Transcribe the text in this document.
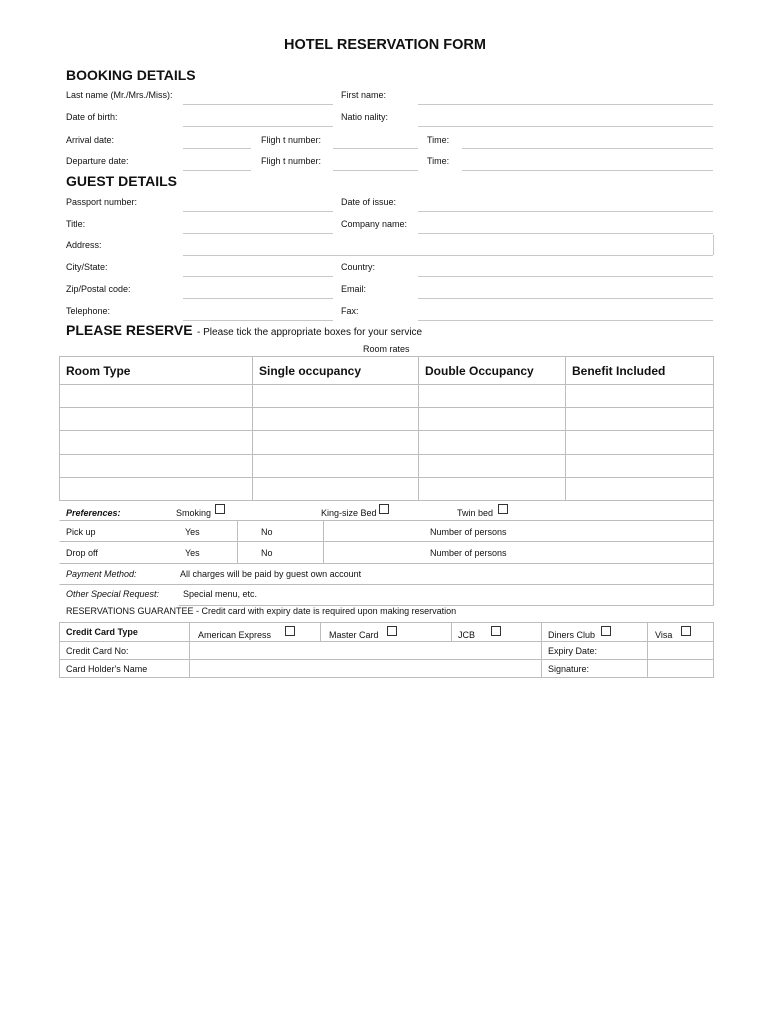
HOTEL RESERVATION FORM
BOOKING DETAILS
Last name (Mr./Mrs./Miss):	First name:
Date of birth:	Natio nality:
Arrival date:	Fligh t number:	Time:
Departure date:	Fligh t number:	Time:
GUEST DETAILS
Passport number:	Date of issue:
Title:	Company name:
Address:
City/State:	Country:
Zip/Postal code:	Email:
Telephone:	Fax:
PLEASE RESERVE - Please tick the appropriate boxes for your service
Room rates
Room Type	Single occupancy	Double Occupancy	Benefit Included
Preferences:	Smoking	King-size Bed	Twin bed
Pick up	Yes	No	Number of persons
Drop off	Yes	No	Number of persons
Payment Method:	All charges will be paid by guest own account
Other Special Request:	Special menu, etc.
RESERVATIONS GUARANTEE - Credit card with expiry date is required upon making reservation
Credit Card Type	American Express	Master Card	JCB	Diners Club	Visa
Credit Card No:	Expiry Date:
Card Holder's Name	Signature:
